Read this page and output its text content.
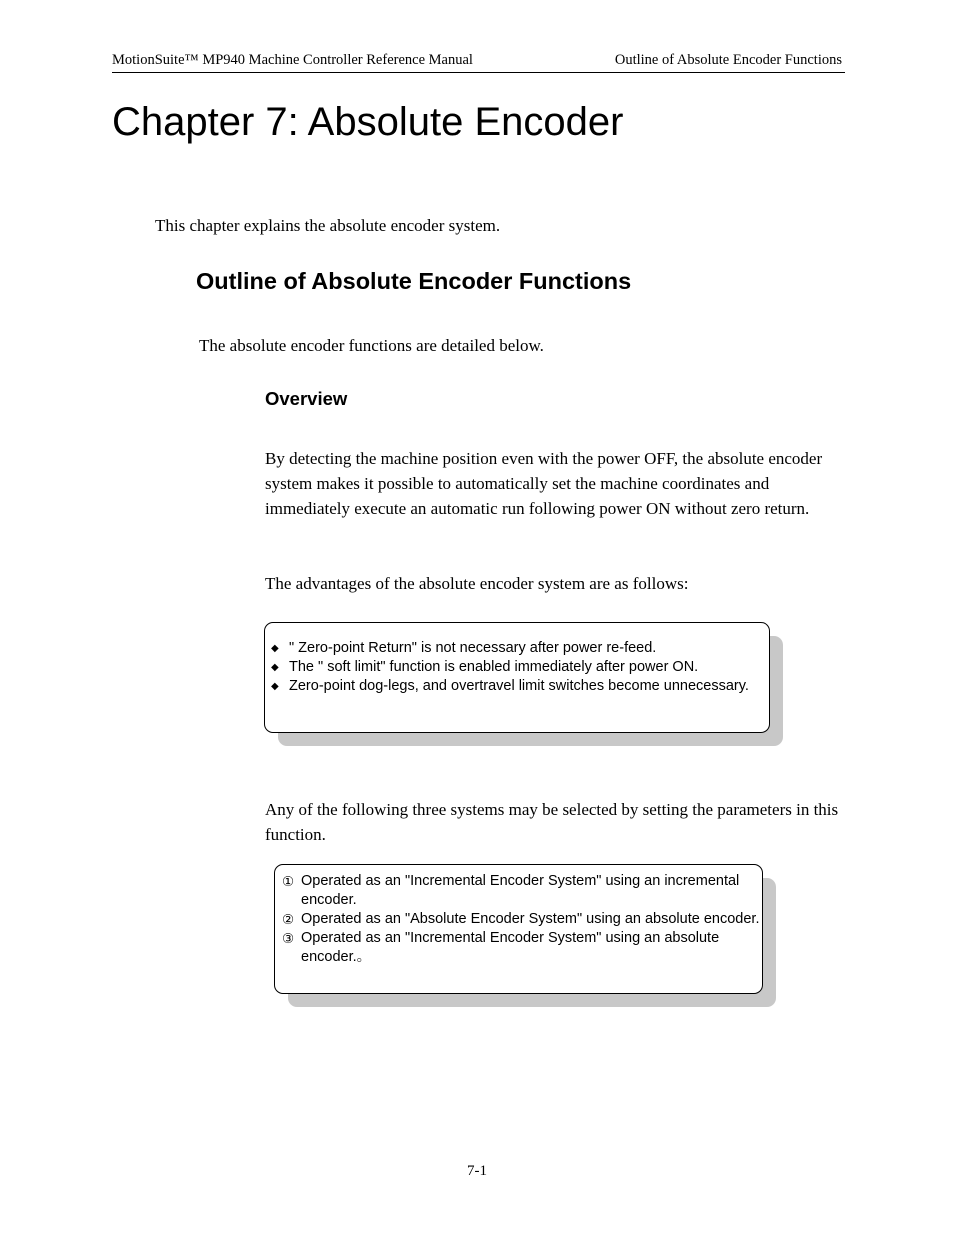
MotionSuite™ MP940 Machine Controller Reference Manual	Outline of Absolute Encoder Functions
Chapter 7: Absolute Encoder
This chapter explains the absolute encoder system.
Outline of Absolute Encoder Functions
The absolute encoder functions are detailed below.
Overview

By detecting the machine position even with the power OFF, the absolute encoder system makes it possible to automatically set the machine coordinates and immediately execute an automatic run following power ON without zero return.

The advantages of the absolute encoder system are as follows:

◆ " Zero-point Return" is not necessary after power re-feed.
◆ The " soft limit" function is enabled immediately after power ON.
◆ Zero-point dog-legs, and overtravel limit switches become unnecessary.

Any of the following three systems may be selected by setting the parameters in this function.

① Operated as an "Incremental Encoder System" using an incremental encoder.
② Operated as an "Absolute Encoder System" using an absolute encoder.
③ Operated as an "Incremental Encoder System" using an absolute encoder.。
7-1
